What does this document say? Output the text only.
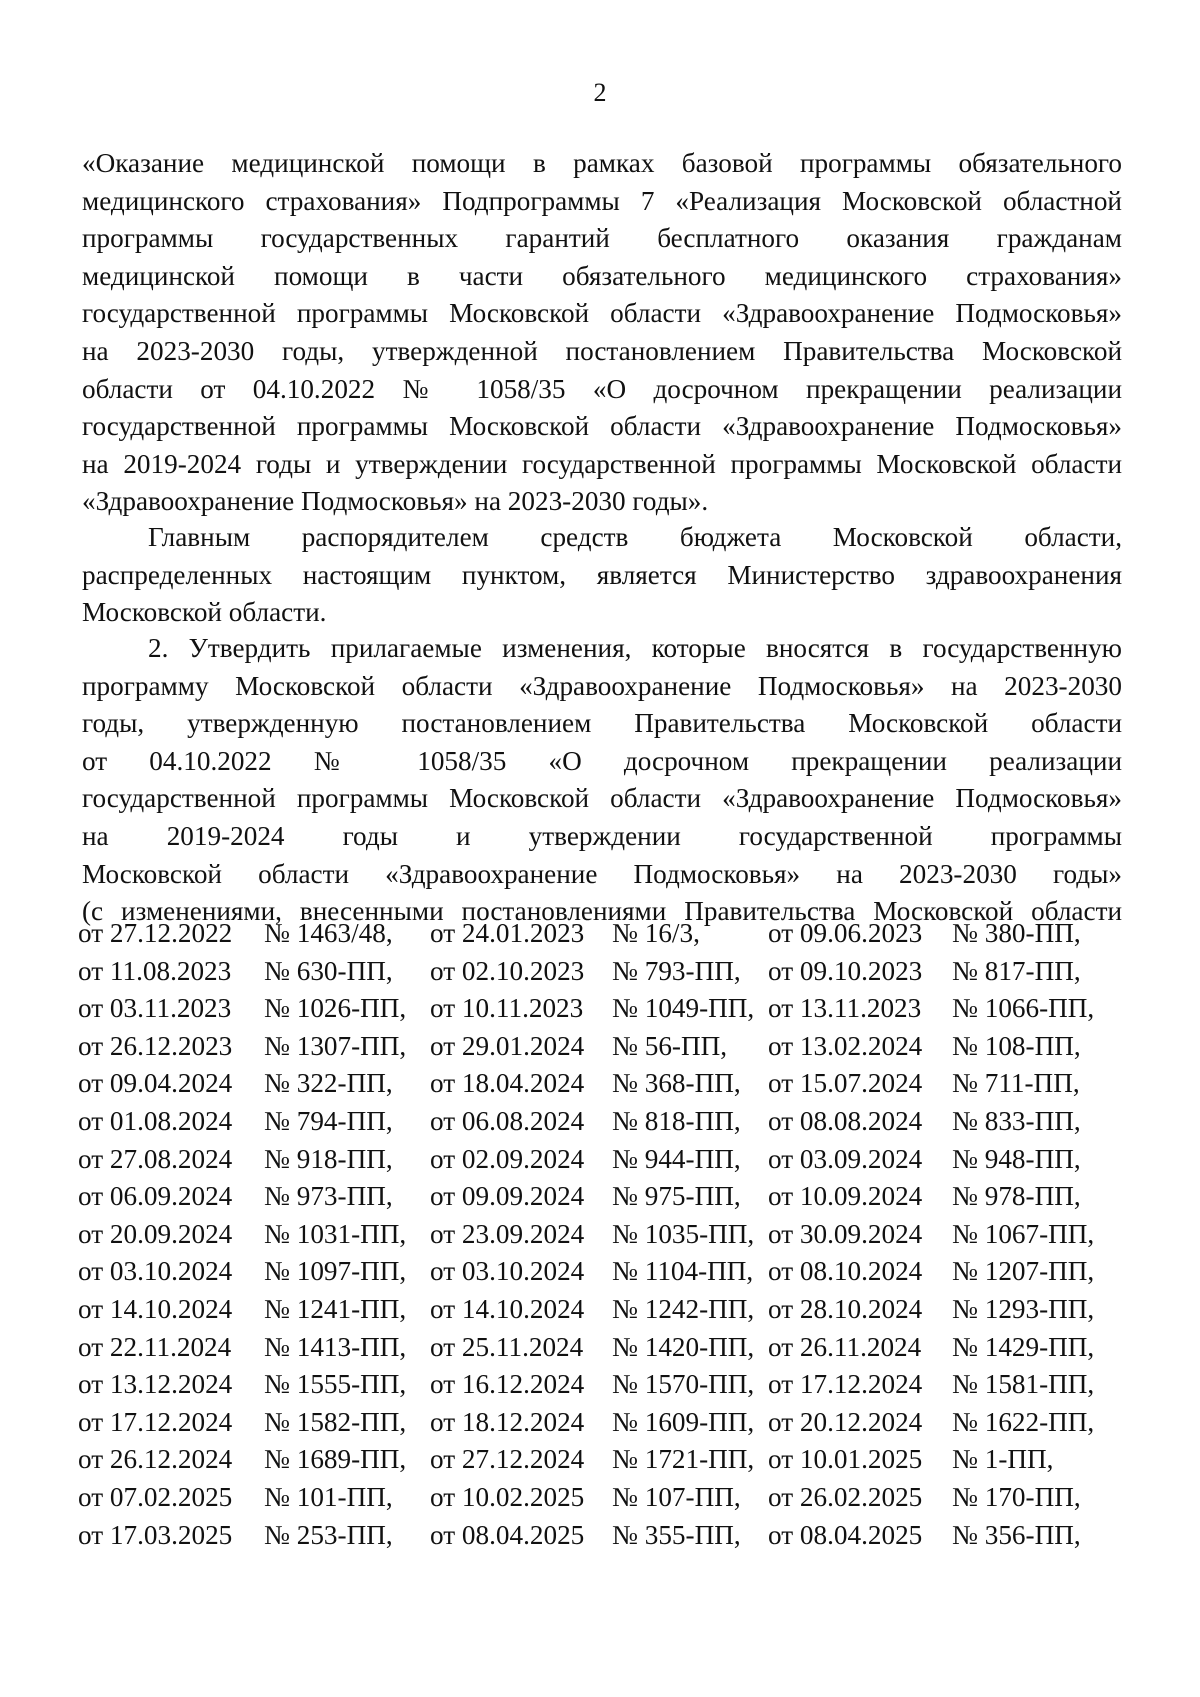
2
«Оказание медицинской помощи в рамках базовой программы обязательного
медицинского страхования» Подпрограммы 7 «Реализация Московской областной
программы государственных гарантий бесплатного оказания гражданам
медицинской помощи в части обязательного медицинского страхования»
государственной программы Московской области «Здравоохранение Подмосковья»
на 2023-2030 годы, утвержденной постановлением Правительства Московской
области от 04.10.2022 № 1058/35 «О досрочном прекращении реализации
государственной программы Московской области «Здравоохранение Подмосковья»
на 2019-2024 годы и утверждении государственной программы Московской области
«Здравоохранение Подмосковья» на 2023-2030 годы».
Главным распорядителем средств бюджета Московской области,
распределенных настоящим пунктом, является Министерство здравоохранения
Московской области.
2. Утвердить прилагаемые изменения, которые вносятся в государственную
программу Московской области «Здравоохранение Подмосковья» на 2023-2030
годы, утвержденную постановлением Правительства Московской области
от 04.10.2022 № 1058/35 «О досрочном прекращении реализации
государственной программы Московской области «Здравоохранение Подмосковья»
на 2019-2024 годы и утверждении государственной программы
Московской области «Здравоохранение Подмосковья» на 2023-2030 годы»
(с изменениями, внесенными постановлениями Правительства Московской области
от 27.12.2022 № 1463/48, от 24.01.2023 № 16/3,	от 09.06.2023 № 380-ПП,
от 11.08.2023 № 630-ПП, от 02.10.2023 № 793-ПП, от 09.10.2023 № 817-ПП,
от 03.11.2023 № 1026-ПП, от 10.11.2023 № 1049-ПП, от 13.11.2023 № 1066-ПП,
от 26.12.2023 № 1307-ПП, от 29.01.2024 № 56-ПП, от 13.02.2024 № 108-ПП,
от 09.04.2024 № 322-ПП, от 18.04.2024 № 368-ПП, от 15.07.2024 № 711-ПП,
от 01.08.2024 № 794-ПП, от 06.08.2024 № 818-ПП, от 08.08.2024 № 833-ПП,
от 27.08.2024 № 918-ПП, от 02.09.2024 № 944-ПП, от 03.09.2024 № 948-ПП,
от 06.09.2024 № 973-ПП, от 09.09.2024 № 975-ПП, от 10.09.2024 № 978-ПП,
от 20.09.2024 № 1031-ПП, от 23.09.2024 № 1035-ПП, от 30.09.2024 № 1067-ПП,
от 03.10.2024 № 1097-ПП, от 03.10.2024 № 1104-ПП, от 08.10.2024 № 1207-ПП,
от 14.10.2024 № 1241-ПП, от 14.10.2024 № 1242-ПП, от 28.10.2024 № 1293-ПП,
от 22.11.2024 № 1413-ПП, от 25.11.2024 № 1420-ПП, от 26.11.2024 № 1429-ПП,
от 13.12.2024 № 1555-ПП, от 16.12.2024 № 1570-ПП, от 17.12.2024 № 1581-ПП,
от 17.12.2024 № 1582-ПП, от 18.12.2024 № 1609-ПП, от 20.12.2024 № 1622-ПП,
от 26.12.2024 № 1689-ПП, от 27.12.2024 № 1721-ПП, от 10.01.2025 № 1-ПП,
от 07.02.2025 № 101-ПП, от 10.02.2025 № 107-ПП, от 26.02.2025 № 170-ПП,
от 17.03.2025 № 253-ПП, от 08.04.2025 № 355-ПП, от 08.04.2025 № 356-ПП,
